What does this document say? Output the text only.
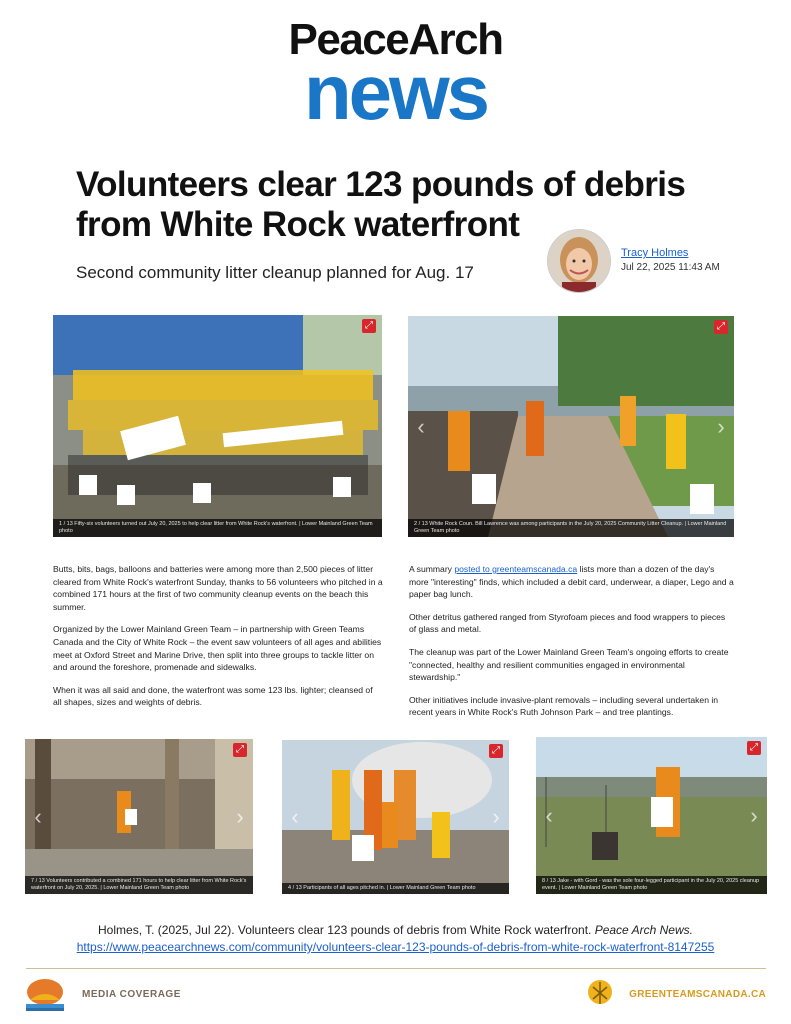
PeaceArch
news
Volunteers clear 123 pounds of debris from White Rock waterfront
Second community litter cleanup planned for Aug. 17
Tracy Holmes
Jul 22, 2025 11:43 AM
⤢
1 / 13 Fifty-six volunteers turned out July 20, 2025 to help clear litter from White Rock's waterfront. | Lower Mainland Green Team photo
‹	›
⤢
2 / 13 White Rock Coun. Bill Lawrence was among participants in the July 20, 2025 Community Litter Cleanup. | Lower Mainland Green Team photo

Butts, bits, bags, balloons and batteries were among more than 2,500 pieces of litter cleared from White Rock's waterfront Sunday, thanks to 56 volunteers who pitched in a combined 171 hours at the first of two community cleanup events on the beach this summer.

Organized by the Lower Mainland Green Team – in partnership with Green Teams Canada and the City of White Rock – the event saw volunteers of all ages and abilities meet at Oxford Street and Marine Drive, then split into three groups to tackle litter on and around the foreshore, promenade and sidewalks.

When it was all said and done, the waterfront was some 123 lbs. lighter; cleansed of all shapes, sizes and weights of debris.

A summary posted to greenteamscanada.ca lists more than a dozen of the day's more "interesting" finds, which included a debit card, underwear, a diaper, Lego and a paper bag lunch.

Other detritus gathered ranged from Styrofoam pieces and food wrappers to pieces of glass and metal.

The cleanup was part of the Lower Mainland Green Team's ongoing efforts to create "connected, healthy and resilient communities engaged in environmental stewardship."

Other initiatives include invasive-plant removals – including several undertaken in recent years in White Rock's Ruth Johnson Park – and tree plantings.

‹	›
⤢
7 / 13 Volunteers contributed a combined 171 hours to help clear litter from White Rock's waterfront on July 20, 2025. | Lower Mainland Green Team photo
‹	›
⤢
4 / 13 Participants of all ages pitched in. | Lower Mainland Green Team photo
‹	›
⤢
8 / 13 Jake - with Gord - was the sole four-legged participant in the July 20, 2025 cleanup event. | Lower Mainland Green Team photo
Holmes, T. (2025, Jul 22). Volunteers clear 123 pounds of debris from White Rock waterfront. Peace Arch News.
https://www.peacearchnews.com/community/volunteers-clear-123-pounds-of-debris-from-white-rock-waterfront-8147255
MEDIA COVERAGE	GREENTEAMSCANADA.CA
